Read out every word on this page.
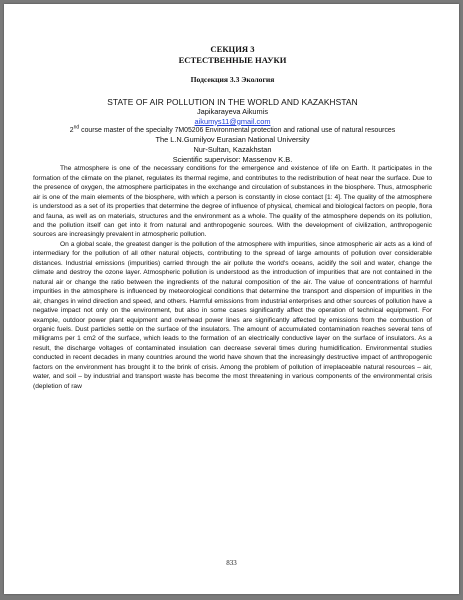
СЕКЦИЯ 3
ЕСТЕСТВЕННЫЕ НАУКИ
Подсекция 3.3 Экология
STATE OF AIR POLLUTION IN THE WORLD AND KAZAKHSTAN
Japikarayeva Aikumis
aikumys11@gmail.com
2nd course master of the specialty 7M05206 Environmental protection and rational use of natural resources
The L.N.Gumilyov Eurasian National University
Nur-Sultan, Kazakhstan
Scientific supervisor: Massenov K.B.

The atmosphere is one of the necessary conditions for the emergence and existence of life on Earth. It participates in the formation of the climate on the planet, regulates its thermal regime, and contributes to the redistribution of heat near the surface. Due to the presence of oxygen, the atmosphere participates in the exchange and circulation of substances in the biosphere. Thus, atmospheric air is one of the main elements of the biosphere, with which a person is constantly in close contact [1: 4]. The quality of the atmosphere is understood as a set of its properties that determine the degree of influence of physical, chemical and biological factors on people, flora and fauna, as well as on materials, structures and the environment as a whole. The quality of the atmosphere depends on its pollution, and the pollution itself can get into it from natural and anthropogenic sources. With the development of civilization, anthropogenic sources are increasingly prevalent in atmospheric pollution.

On a global scale, the greatest danger is the pollution of the atmosphere with impurities, since atmospheric air acts as a kind of intermediary for the pollution of all other natural objects, contributing to the spread of large amounts of pollution over considerable distances. Industrial emissions (impurities) carried through the air pollute the world's oceans, acidify the soil and water, change the climate and destroy the ozone layer. Atmospheric pollution is understood as the introduction of impurities that are not contained in the natural air or change the ratio between the ingredients of the natural composition of the air. The value of concentrations of harmful impurities in the atmosphere is influenced by meteorological conditions that determine the transport and dispersion of impurities in the air, changes in wind direction and speed, and others. Harmful emissions from industrial enterprises and other sources of pollution have a negative impact not only on the environment, but also in some cases significantly affect the operation of technical equipment. For example, outdoor power plant equipment and overhead power lines are significantly affected by emissions from the combustion of organic fuels. Dust particles settle on the surface of the insulators. The amount of accumulated contamination reaches several tens of milligrams per 1 cm2 of the surface, which leads to the formation of an electrically conductive layer on the surface of insulators. As a result, the discharge voltages of contaminated insulation can decrease several times during humidification. Environmental studies conducted in recent decades in many countries around the world have shown that the increasingly destructive impact of anthropogenic factors on the environment has brought it to the brink of crisis. Among the problem of pollution of irreplaceable natural resources – air, water, and soil – by industrial and transport waste has become the most threatening in various components of the environmental crisis (depletion of raw

833
